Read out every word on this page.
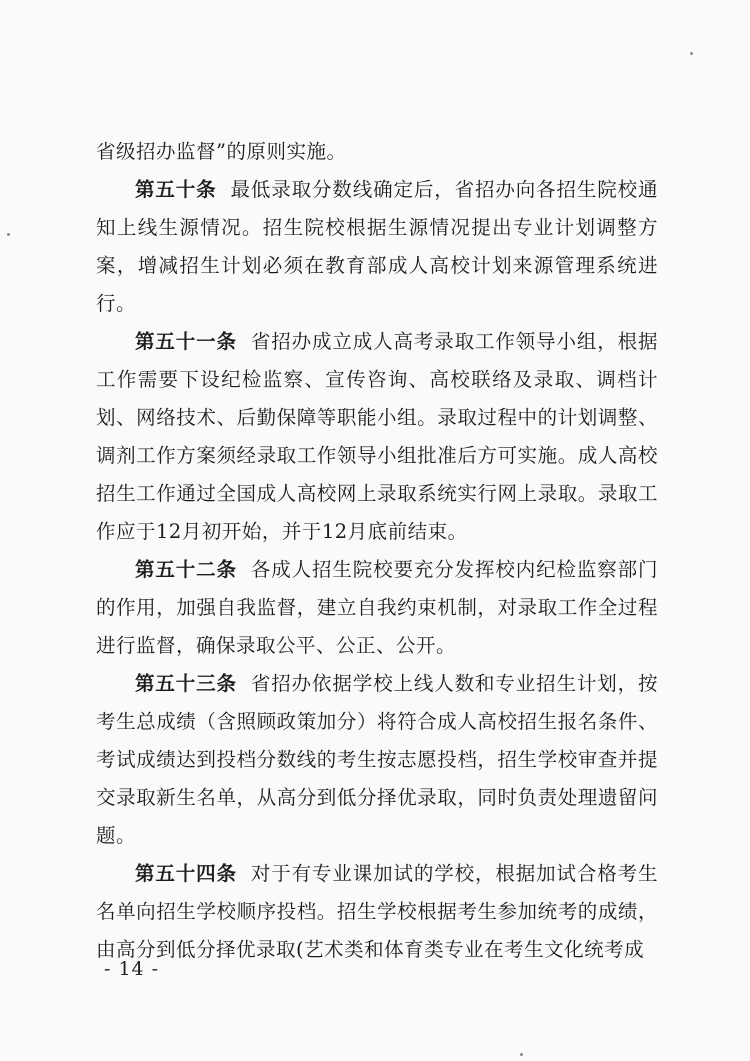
省级招办监督”的原则实施。

第五十条 最低录取分数线确定后，省招办向各招生院校通知上线生源情况。招生院校根据生源情况提出专业计划调整方案，增减招生计划必须在教育部成人高校计划来源管理系统进行。

第五十一条 省招办成立成人高考录取工作领导小组，根据工作需要下设纪检监察、宣传咨询、高校联络及录取、调档计划、网络技术、后勤保障等职能小组。录取过程中的计划调整、调剂工作方案须经录取工作领导小组批准后方可实施。成人高校招生工作通过全国成人高校网上录取系统实行网上录取。录取工作应于12月初开始，并于12月底前结束。

第五十二条 各成人招生院校要充分发挥校内纪检监察部门的作用，加强自我监督，建立自我约束机制，对录取工作全过程进行监督，确保录取公平、公正、公开。

第五十三条 省招办依据学校上线人数和专业招生计划，按考生总成绩（含照顾政策加分）将符合成人高校招生报名条件、考试成绩达到投档分数线的考生按志愿投档，招生学校审查并提交录取新生名单，从高分到低分择优录取，同时负责处理遗留问题。

第五十四条 对于有专业课加试的学校，根据加试合格考生名单向招生学校顺序投档。招生学校根据考生参加统考的成绩，由高分到低分择优录取(艺术类和体育类专业在考生文化统考成

- 14 -
